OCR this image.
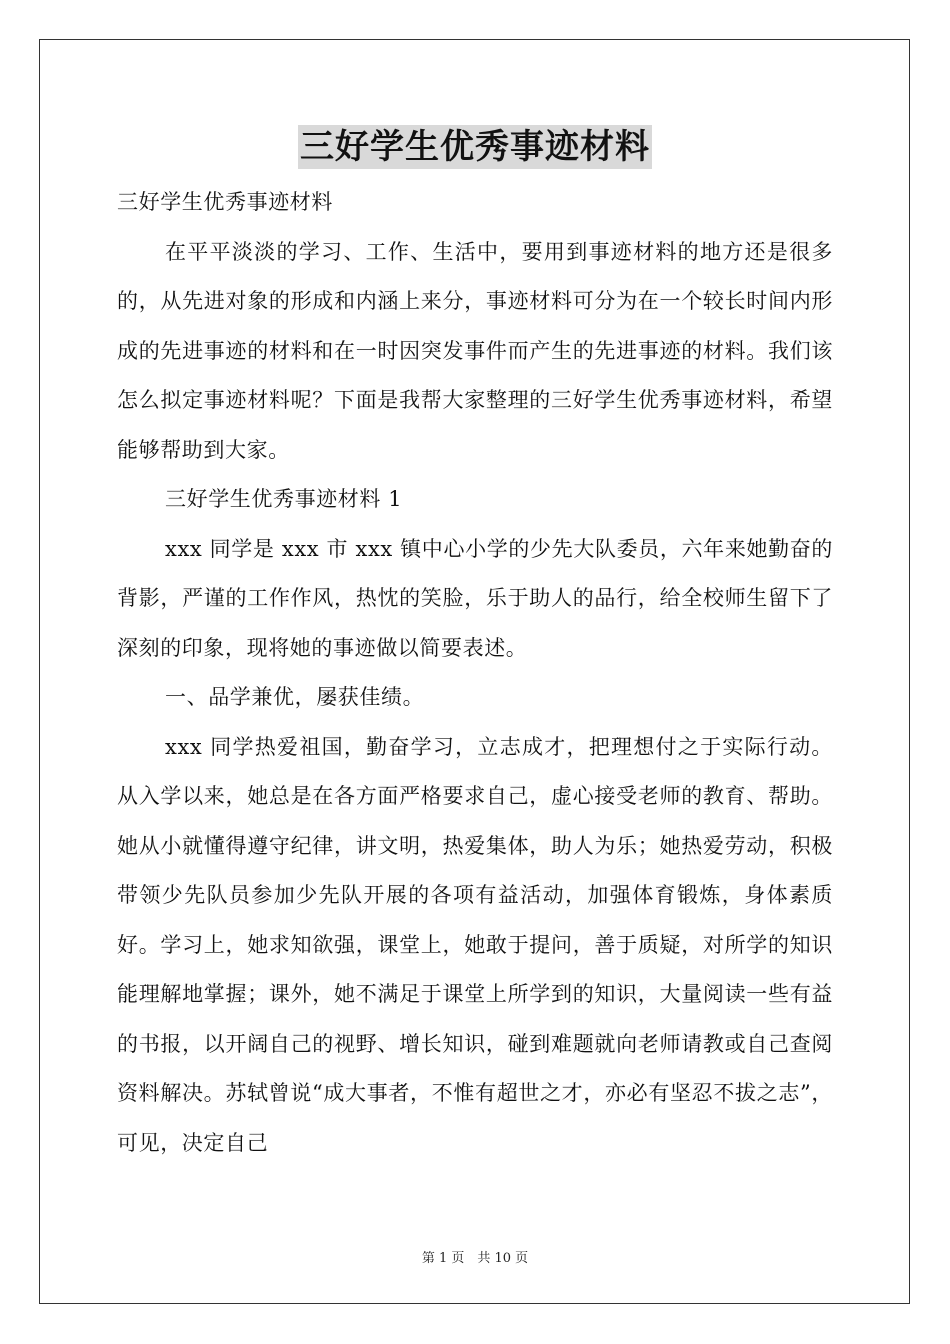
三好学生优秀事迹材料

三好学生优秀事迹材料

在平平淡淡的学习、工作、生活中，要用到事迹材料的地方还是很多的，从先进对象的形成和内涵上来分，事迹材料可分为在一个较长时间内形成的先进事迹的材料和在一时因突发事件而产生的先进事迹的材料。我们该怎么拟定事迹材料呢？下面是我帮大家整理的三好学生优秀事迹材料，希望能够帮助到大家。

三好学生优秀事迹材料 1

xxx 同学是 xxx 市 xxx 镇中心小学的少先大队委员，六年来她勤奋的背影，严谨的工作作风，热忱的笑脸，乐于助人的品行，给全校师生留下了深刻的印象，现将她的事迹做以简要表述。

一、品学兼优，屡获佳绩。

xxx 同学热爱祖国，勤奋学习，立志成才，把理想付之于实际行动。从入学以来，她总是在各方面严格要求自己，虚心接受老师的教育、帮助。她从小就懂得遵守纪律，讲文明，热爱集体，助人为乐；她热爱劳动，积极带领少先队员参加少先队开展的各项有益活动，加强体育锻炼，身体素质好。学习上，她求知欲强，课堂上，她敢于提问，善于质疑，对所学的知识能理解地掌握；课外，她不满足于课堂上所学到的知识，大量阅读一些有益的书报，以开阔自己的视野、增长知识，碰到难题就向老师请教或自己查阅资料解决。苏轼曾说“成大事者，不惟有超世之才，亦必有坚忍不拔之志”，可见，决定自己

第 1 页　共 10 页
